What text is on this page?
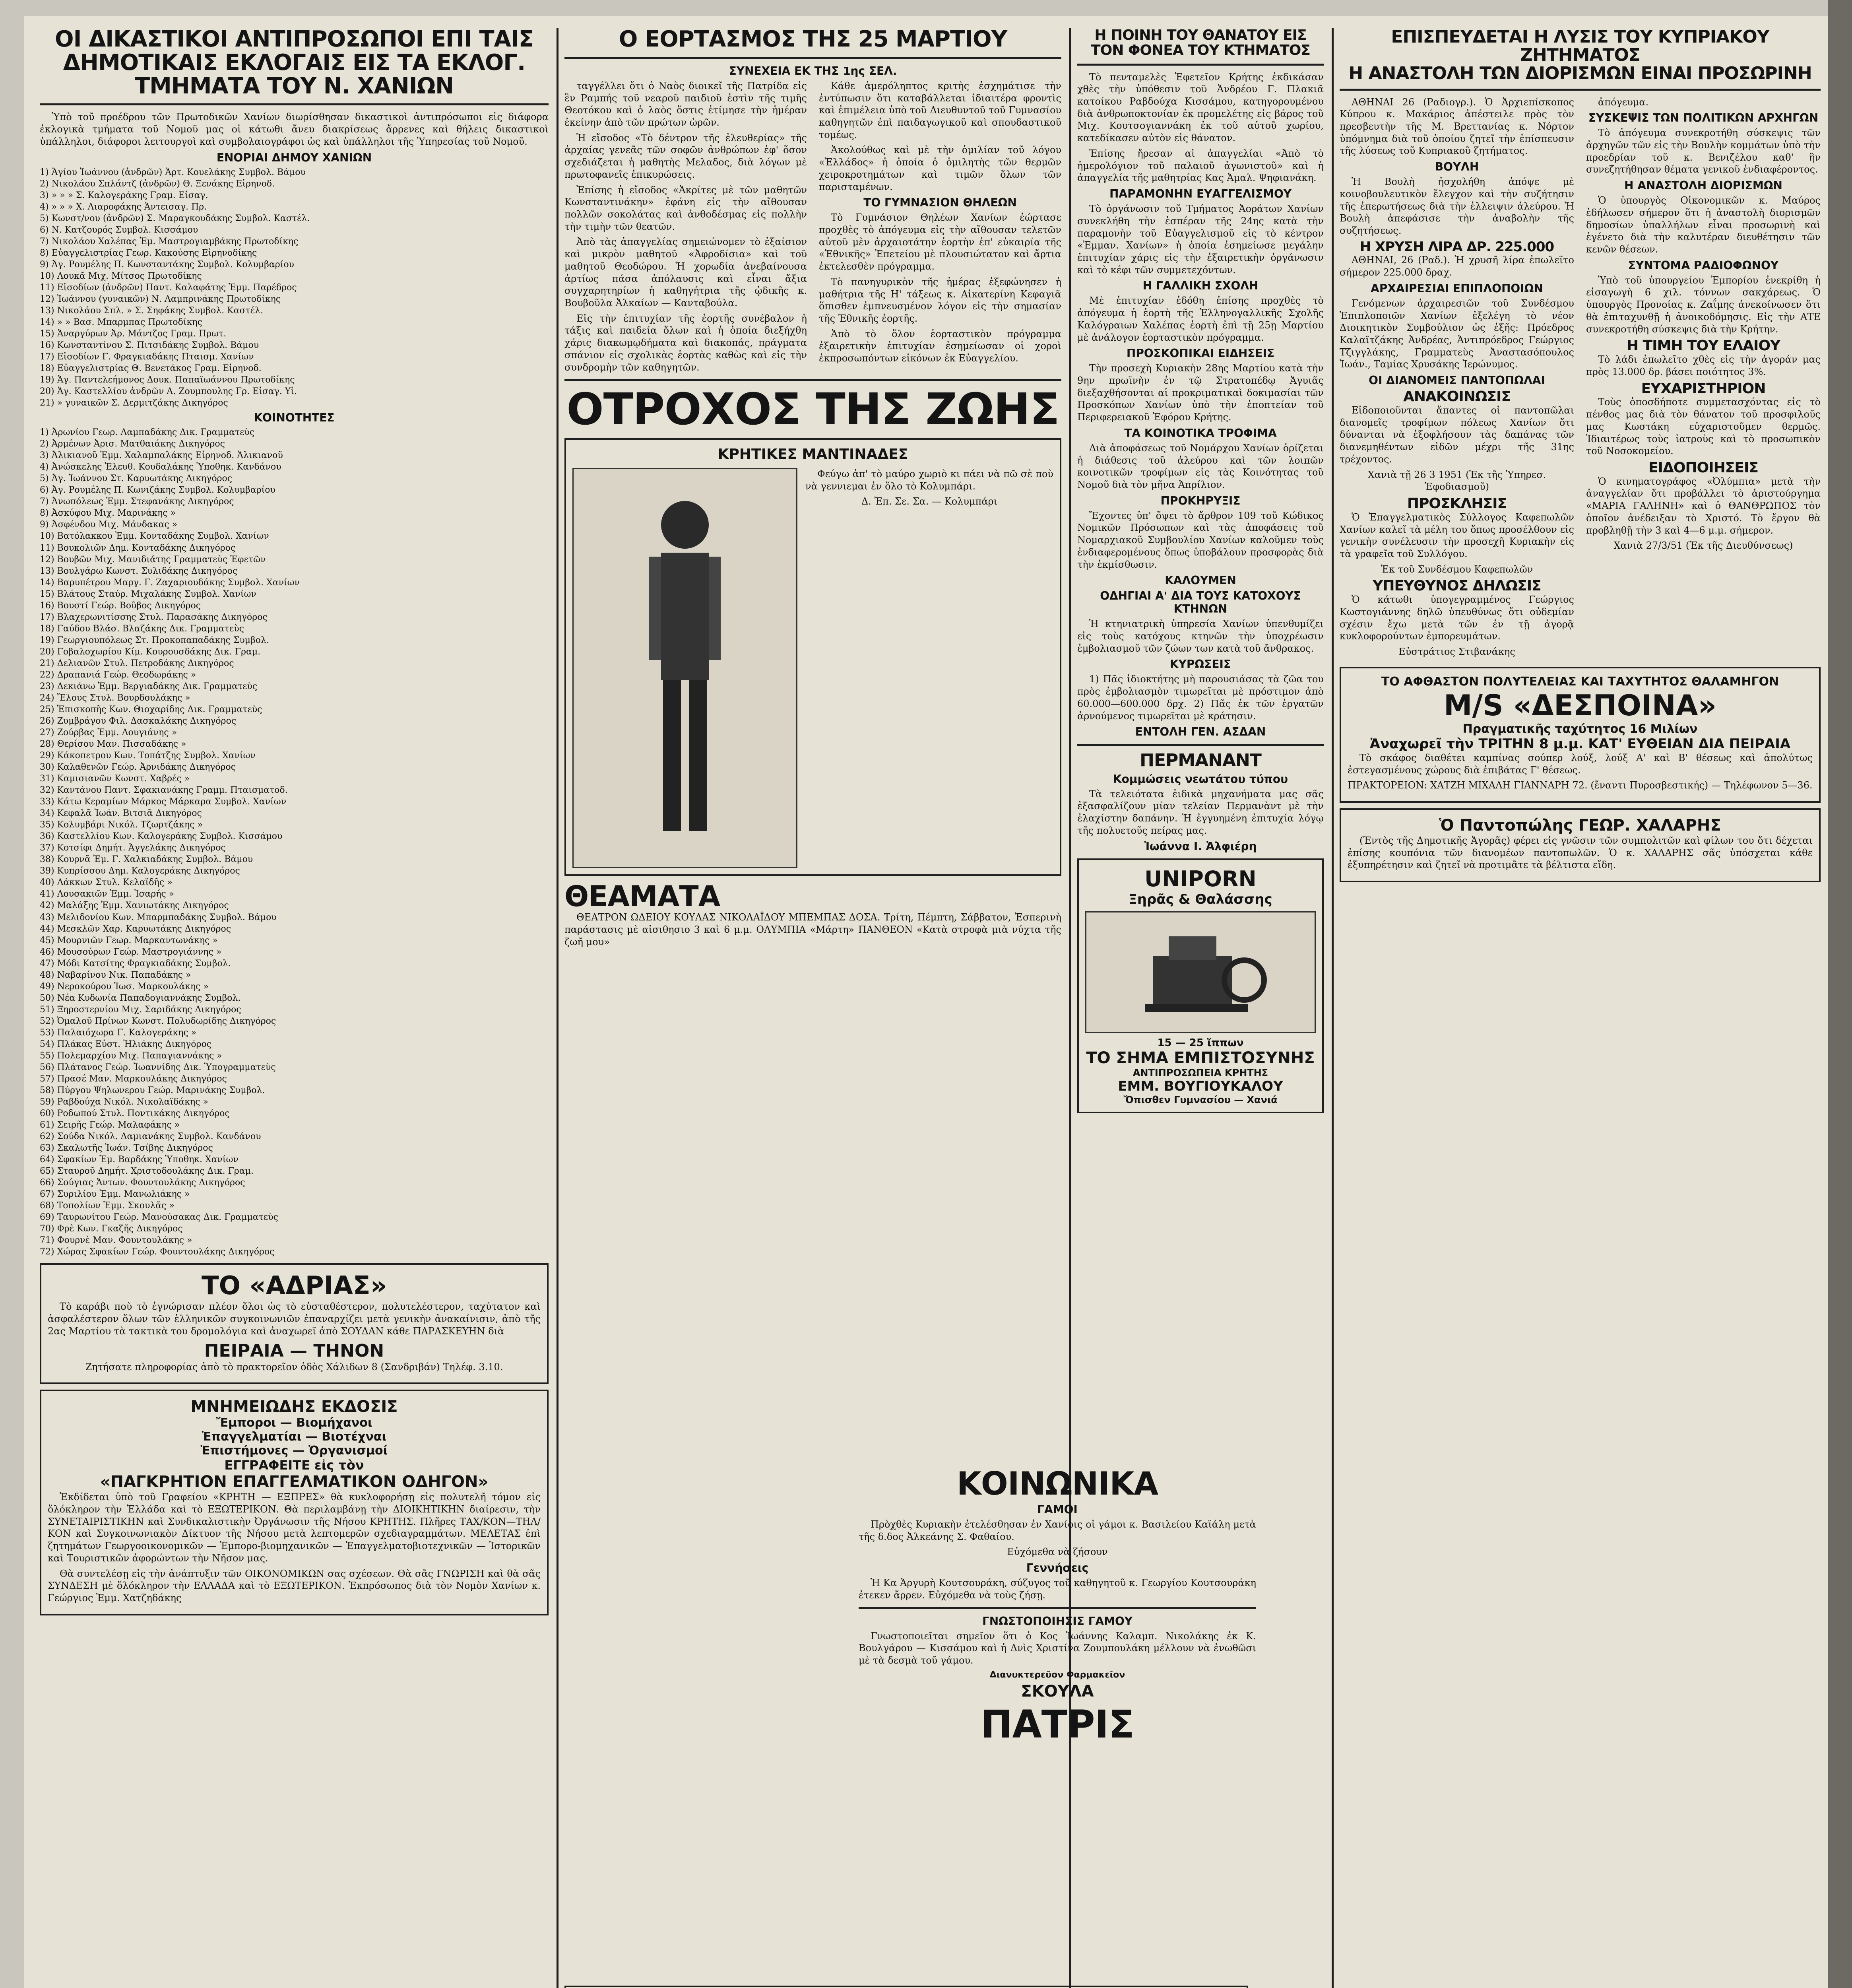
ΟΙ ΔΙΚΑΣΤΙΚΟΙ ΑΝΤΙΠΡΟΣΩΠΟΙ ΕΠΙ ΤΑΙΣ ΔΗΜΟΤΙΚΑΙΣ ΕΚΛΟΓΑΙΣ ΕΙΣ ΤΑ ΕΚΛΟΓ. ΤΜΗΜΑΤΑ ΤΟΥ Ν. ΧΑΝΙΩΝ

Ὑπὸ τοῦ προέδρου τῶν Πρωτοδικῶν Χανίων διωρίσθησαν δικαστικοὶ ἀντιπρόσωποι εἰς διάφορα ἐκλογικὰ τμήματα τοῦ Νομοῦ μας οἱ κάτωθι ἄνευ διακρίσεως ἄρρενες καὶ θήλεις δικαστικοὶ ὑπάλληλοι, διάφοροι λειτουργοὶ καὶ συμβολαιογράφοι ὡς καὶ ὑπάλληλοι τῆς Ὑπηρεσίας τοῦ Νομοῦ.

ΕΝΟΡΙΑΙ ΔΗΜΟΥ ΧΑΝΙΩΝ
1) Ἁγίου Ἰωάννου (ἀνδρῶν) Ἀρτ. Κουελάκης Συμβολ. Βάμου
2) Νικολάου Σπλάντζ (ἀνδρῶν) Θ. Ξενάκης Εἰρηνοδ.
3) » » » Σ. Καλογεράκης Γραμ. Εἰσαγ.
4) » » » Χ. Λιαροφάκης Ἀντεισαγ. Πρ.
5) Κωνστ/νου (ἀνδρῶν) Σ. Μαραγκουδάκης Συμβολ. Καστέλ.
6) Ν. Κατζουρός Συμβολ. Κισσάμου
7) Νικολάου Χαλέπας Ἐμ. Μαστρογιαμβάκης Πρωτοδίκης
8) Εὐαγγελιστρίας Γεωρ. Κακούσης Εἰρηνοδίκης
9) Ἀγ. Ρουμέλης Π. Κωνσταντάκης Συμβολ. Κολυμβαρίου
10) Λουκᾶ Μιχ. Μίτσος Πρωτοδίκης
11) Εἰσοδίων (ἀνδρῶν) Παντ. Καλαφάτης Ἐμμ. Παρέδρος
12) Ἰωάννου (γυναικῶν) Ν. Λαμπρινάκης Πρωτοδίκης
13) Νικολάου Σπλ. » Σ. Σηφάκης Συμβολ. Καστέλ.
14) » » Βασ. Μπαρμπας Πρωτοδίκης
15) Ἀναργύρων Ἀρ. Μάντζος Γραμ. Πρωτ.
16) Κωνσταντίνου Σ. Πιτσιδάκης Συμβολ. Βάμου
17) Εἰσοδίων Γ. Φραγκιαδάκης Πταισμ. Χανίων
18) Εὐαγγελιστρίας Θ. Βενετάκος Γραμ. Εἰρηνοδ.
19) Ἀγ. Παντελεήμονος Δουκ. Παπαϊωάννου Πρωτοδίκης
20) Ἀγ. Καστελλίου ἀνδρῶν Α. Ζουμπουλης Γρ. Εἰσαγ. Υἱ.
21) » γυναικῶν Σ. Δερμιτζάκης Δικηγόρος
ΚΟΙΝΟΤΗΤΕΣ
1) Ἀρωνίου Γεωρ. Λαμπαδάκης Δικ. Γραμματεὺς
2) Ἀρμένων Ἀρισ. Ματθαιάκης Δικηγόρος
3) Ἀλικιανοῦ Ἐμμ. Χαλαμπαλάκης Εἰρηνοδ. Ἀλικιανοῦ
4) Ἀνώσκελης Ἐλευθ. Κουδαλάκης Ὑποθηκ. Κανδάνου
5) Ἀγ. Ἰωάννου Στ. Καρυωτάκης Δικηγόρος
6) Ἀγ. Ρουμέλης Π. Κωνιζάκης Συμβολ. Κολυμβαρίου
7) Ἀνωπόλεως Ἐμμ. Στεφανάκης Δικηγόρος
8) Ἀσκύφου Μιχ. Μαρινάκης »
9) Ἀσφένδου Μιχ. Μάνδακας »
10) Βατόλακκου Ἐμμ. Κονταδάκης Συμβολ. Χανίων
11) Βουκολιῶν Δημ. Κονταδάκης Δικηγόρος
12) Βουβῶν Μιχ. Μανιδιάτης Γραμματεὺς Ἐφετῶν
13) Βουλγάρω Κωνστ. Συλιδάκης Δικηγόρος
14) Βαρυπέτρου Μαργ. Γ. Ζαχαριουδάκης Συμβολ. Χανίων
15) Βλάτους Σταύρ. Μιχαλάκης Συμβολ. Χανίων
16) Βουστί Γεώρ. Βοῦβος Δικηγόρος
17) Βλαχερωνιτίσσης Στυλ. Παρασάκης Δικηγόρος
18) Γαύδου Βλάσ. Βλαζάκης Δικ. Γραμματεὺς
19) Γεωργιουπόλεως Στ. Προκοπαπαδάκης Συμβολ.
20) Γοβαλοχωρίου Κίμ. Κουρουσδάκης Δικ. Γραμ.
21) Δελιανῶν Στυλ. Πετροδάκης Δικηγόρος
22) Δραπανιά Γεώρ. Θεοδωράκης »
23) Δεκιάνω Ἐμμ. Βεργιαδάκης Δικ. Γραμματεὺς
24) Ἔλους Στυλ. Βουρδουλάκης »
25) Ἐπισκοπῆς Κων. Θιοχαρίδης Δικ. Γραμματεὺς
26) Ζυμβράγου Φιλ. Δασκαλάκης Δικηγόρος
27) Ζούρβας Ἐμμ. Λουγιάνης »
28) Θερίσου Μαν. Πισσαδάκης »
29) Κάκοπετρου Κων. Τοπάτζης Συμβολ. Χανίων
30) Καλαθενῶν Γεώρ. Ἀρνιδάκης Δικηγόρος
31) Καμισιανῶν Κωνστ. Χαβρές »
32) Καντάνου Παντ. Σφακιανάκης Γραμμ. Πταισματοδ.
33) Κάτω Κεραμίων Μάρκος Μάρκαρα Συμβολ. Χανίων
34) Κεφαλᾶ Ἰωάν. Βιτσιᾶ Δικηγόρος
35) Κολυμβάρι Νικόλ. Τζωρτζάκης »
36) Καστελλίου Κων. Καλογεράκης Συμβολ. Κισσάμου
37) Κοτσίφι Δημήτ. Ἀγγελάκης Δικηγόρος
38) Κουρνᾶ Ἐμ. Γ. Χαλκιαδάκης Συμβολ. Βάμου
39) Κυπρίσσου Δημ. Καλογεράκης Δικηγόρος
40) Λάκκων Στυλ. Κελαϊδῆς »
41) Λουσακιῶν Ἐμμ. Ἰσαρής »
42) Μαλάξης Ἐμμ. Χανιωτάκης Δικηγόρος
43) Μελιδονίου Κων. Μπαρμπαδάκης Συμβολ. Βάμου
44) Μεσκλῶν Χαρ. Καρυωτάκης Δικηγόρος
45) Μουρνιῶν Γεωρ. Μαρκαντωνάκης »
46) Μουσούρων Γεώρ. Μαστρογιάννης »
47) Μόδι Κατσίτης Φραγκιαδάκης Συμβολ.
48) Ναβαρίνου Νικ. Παπαδάκης »
49) Νεροκούρου Ἰωσ. Μαρκουλάκης »
50) Νέα Κυδωνία Παπαδογιαννάκης Συμβολ.
51) Ξηροστερνίου Μιχ. Σαριδάκης Δικηγόρος
52) Ὀμαλοῦ Πρίνων Κωνστ. Πολυδωρίδης Δικηγόρος
53) Παλαιόχωρα Γ. Καλογεράκης »
54) Πλάκας Εὐστ. Ἠλιάκης Δικηγόρος
55) Πολεμαρχίου Μιχ. Παπαγιαννάκης »
56) Πλάτανος Γεώρ. Ἰωαννίδης Δικ. Ὑπογραμματεὺς
57) Πρασέ Μαν. Μαρκουλάκης Δικηγόρος
58) Πύργου Ψηλωνερου Γεώρ. Μαρινάκης Συμβολ.
59) Ραβδούχα Νικόλ. Νικολαϊδάκης »
60) Ροδωπού Στυλ. Ποντικάκης Δικηγόρος
61) Σειρῆς Γεώρ. Μαλαφάκης »
62) Σούδα Νικόλ. Δαμιανάκης Συμβολ. Κανδάνου
63) Σκαλωτῆς Ἰωάν. Τσίβης Δικηγόρος
64) Σφακίων Ἐμ. Βαρδάκης Ὑποθηκ. Χανίων
65) Σταυροῦ Δημήτ. Χριστοδουλάκης Δικ. Γραμ.
66) Σούγιας Ἀντων. Φουντουλάκης Δικηγόρος
67) Συριλίου Ἐμμ. Μανωλιάκης »
68) Τοπολίων Ἐμμ. Σκουλᾶς »
69) Ταυρωνίτου Γεώρ. Μανούσακας Δικ. Γραμματεὺς
70) Φρὲ Κων. Γκαζῆς Δικηγόρος
71) Φουρνὲ Μαν. Φουντουλάκης »
72) Χώρας Σφακίων Γεώρ. Φουντουλάκης Δικηγόρος
ΤΟ «ΑΔΡΙΑΣ»

Τὸ καράβι ποὺ τὸ ἐγνώρισαν πλέον ὅλοι ὡς τὸ εὐσταθέστερον, πολυτελέστερον, ταχύτατον καὶ ἀσφαλέστερον ὅλων τῶν ἑλληνικῶν συγκοινωνιῶν ἐπαναρχίζει μετὰ γενικὴν ἀνακαίνισιν, ἀπὸ τῆς 2ας Μαρτίου τὰ τακτικὰ του δρομολόγια καὶ ἀναχωρεῖ ἀπὸ ΣΟΥΔΑΝ κάθε ΠΑΡΑΣΚΕΥΗΝ διὰ

ΠΕΙΡΑΙΑ — ΤΗΝΟΝ

Ζητήσατε πληροφορίας ἀπὸ τὸ πρακτορεῖον ὁδὸς Χάλιδων 8 (Σανδριβάν) Τηλέφ. 3.10.

ΜΝΗΜΕΙΩΔΗΣ ΕΚΔΟΣΙΣ
Ἔμποροι — Βιομήχανοι
Ἐπαγγελματίαι — Βιοτέχναι
Ἐπιστήμονες — Ὀργανισμοί
ΕΓΓΡΑΦΕΙΤΕ εἰς τὸν
«ΠΑΓΚΡΗΤΙΟΝ ΕΠΑΓΓΕΛΜΑΤΙΚΟΝ ΟΔΗΓΟΝ»

Ἐκδίδεται ὑπὸ τοῦ Γραφείου «ΚΡΗΤΗ — ΕΞΠΡΕΣ» θὰ κυκλοφορήσῃ εἰς πολυτελῆ τόμον εἰς ὅλόκληρον τὴν Ἑλλάδα καὶ τὸ ΕΞΩΤΕΡΙΚΟΝ. Θὰ περιλαμβάνῃ τὴν ΔΙΟΙΚΗΤΙΚΗΝ διαίρεσιν, τὴν ΣΥΝΕΤΑΙΡΙΣΤΙΚΗΝ καὶ Συνδικαλιστικὴν Ὀργάνωσιν τῆς Νήσου ΚΡΗΤΗΣ. Πλῆρες ΤΑΧ/ΚΟΝ—ΤΗΛ/ΚΟΝ καὶ Συγκοινωνιακὸν Δίκτυον τῆς Νήσου μετὰ λεπτομερῶν σχεδιαγραμμάτων. ΜΕΛΕΤΑΣ ἐπὶ ζητημάτων Γεωργοοικονομικῶν — Ἐμπορο-βιομηχανικῶν — Ἐπαγγελματοβιοτεχνικῶν — Ἱστορικῶν καὶ Τουριστικῶν ἀφορώντων τὴν Νῆσον μας.

Θὰ συντελέσῃ εἰς τὴν ἀνάπτυξιν τῶν ΟΙΚΟΝΟΜΙΚΩΝ σας σχέσεων. Θὰ σᾶς ΓΝΩΡΙΣΗ καὶ θὰ σᾶς ΣΥΝΔΕΣΗ μὲ ὅλόκληρον τὴν ΕΛΛΑΔΑ καὶ τὸ ΕΞΩΤΕΡΙΚΟΝ. Ἐκπρόσωπος διὰ τὸν Νομὸν Χανίων κ. Γεώργιος Ἐμμ. Χατζηδάκης

Ο ΕΟΡΤΑΣΜΟΣ ΤΗΣ 25 ΜΑΡΤΙΟΥ
ΣΥΝΕΧΕΙΑ ΕΚ ΤΗΣ 1ης ΣΕΛ.

ταγγέλλει ὅτι ὁ Ναὸς διοικεῖ τῆς Πατρίδα εἰς ἓν Ραμπής τοῦ νεαροῦ παιδιοῦ ἐστὶν τῆς τιμῆς Θεοτόκου καὶ ὁ λαὸς ὅστις ἐτίμησε τὴν ἡμέραν ἐκείνην ἀπὸ τῶν πρώτων ὡρῶν.

Ἡ εἴσοδος «Τὸ δέντρον τῆς ἐλευθερίας» τῆς ἀρχαίας γενεᾶς τῶν σοφῶν ἀνθρώπων ἐφ' ὅσον σχεδιάζεται ἡ μαθητὴς Μελαδος, διὰ λόγων μὲ πρωτοφανεῖς ἐπικυρώσεις.

Ἐπίσης ἡ εἴσοδος «Ἀκρίτες μὲ τῶν μαθητῶν Κωνσταντινάκην» ἐφάνη εἰς τὴν αἴθουσαν πολλῶν σοκολάτας καὶ ἀνθοδέσμας εἰς πολλὴν τὴν τιμὴν τῶν θεατῶν.

Ἀπὸ τὰς ἀπαγγελίας σημειώνομεν τὸ ἐξαίσιον καὶ μικρὸν μαθητοῦ «Ἀφροδίσια» καὶ τοῦ μαθητοῦ Θεοδώρου. Ἡ χορωδία ἀνεβαίνουσα ἀρτίως πάσα ἀπόλαυσις καὶ εἶναι ἄξια συγχαρητηρίων ἡ καθηγήτρια τῆς ᾠδικῆς κ. Βουβοῦλα Ἀλκαίων — Κανταβούλα.

Εἰς τὴν ἐπιτυχίαν τῆς ἑορτῆς συνέβαλον ἡ τάξις καὶ παιδεία ὅλων καὶ ἡ ὁποία διεξήχθη χάρις διακωμῳδήματα καὶ διακοπάς, πράγματα σπάνιον εἰς σχολικὰς ἑορτὰς καθὼς καὶ εἰς τὴν συνδρομὴν τῶν καθηγητῶν.

Κάθε ἀμερόληπτος κριτὴς ἐσχημάτισε τὴν ἐντύπωσιν ὅτι καταβάλλεται ἰδιαιτέρα φροντὶς καὶ ἐπιμέλεια ὑπὸ τοῦ Διευθυντοῦ τοῦ Γυμνασίου καθηγητῶν ἐπὶ παιδαγωγικοῦ καὶ σπουδαστικοῦ τομέως.

Ἀκολούθως καὶ μὲ τὴν ὁμιλίαν τοῦ λόγου «Ἑλλάδος» ἡ ὁποία ὁ ὁμιλητὴς τῶν θερμῶν χειροκροτημάτων καὶ τιμῶν ὅλων τῶν παρισταμένων.

ΤΟ ΓΥΜΝΑΣΙΟΝ ΘΗΛΕΩΝ

Τὸ Γυμνάσιον Θηλέων Χανίων ἐώρτασε προχθὲς τὸ ἀπόγευμα εἰς τὴν αἴθουσαν τελετῶν αὐτοῦ μὲν ἀρχαιοτάτην ἑορτὴν ἐπ' εὐκαιρία τῆς «Ἐθνικῆς» Ἐπετείου μὲ πλουσιώτατον καὶ ἄρτια ἐκτελεσθὲν πρόγραμμα.

Τὸ πανηγυρικὸν τῆς ἡμέρας ἐξεφώνησεν ἡ μαθήτρια τῆς Η' τάξεως κ. Αἰκατερίνη Κεφαγιᾶ ὅπισθεν ἐμπνευσμένον λόγον εἰς τὴν σημασίαν τῆς Ἐθνικῆς ἑορτῆς.

Ἀπὸ τὸ ὅλον ἑορταστικὸν πρόγραμμα ἐξαιρετικὴν ἐπιτυχίαν ἐσημείωσαν οἱ χοροὶ ἐκπροσωπόντων εἰκόνων ἐκ Εὐαγγελίου.

ΟΤΡΟΧΟΣ ΤΗΣ ΖΩΗΣ
ΚΡΗΤΙΚΕΣ ΜΑΝΤΙΝΑΔΕΣ

Φεύγω ἀπ' τὸ μαύρο χωριὸ κι πάει νὰ πῶ σὲ ποὺ νὰ γεννιεμαι ἐν ὅλο τὸ Κολυμπάρι.

Δ. Ἐπ. Σε. Σα. — Κολυμπάρι

ΘΕΑΜΑΤΑ

ΘΕΑΤΡΟΝ ΩΔΕΙΟΥ ΚΟΥΛΑΣ ΝΙΚΟΛΑΪΔΟΥ ΜΠΕΜΠΑΣ ΔΟΣΑ. Τρίτη, Πέμπτη, Σάββατον, Ἑσπερινὴ παράστασις μὲ αἰσιθησιο 3 καὶ 6 μ.μ. ΟΛΥΜΠΙΑ «Μάρτη» ΠΑΝΘΕΟΝ «Κατὰ στροφὰ μιὰ νύχτα τῆς ζωῆ μου»

ΚΟΙΝΩΝΙΚΑ
ΓΑΜΟΙ

Πρὸχθὲς Κυριακὴν ἐτελέσθησαν ἐν Χανίοις οἱ γάμοι κ. Βασιλείου Καϊάλη μετὰ τῆς δ.δος Ἀλκεάνης Σ. Φαθαίου.

Εὐχόμεθα νὰ ζήσουν

Γεννήσεις

Ἡ Κα Ἀργυρὴ Κουτσουράκη, σύζυγος τοῦ καθηγητοῦ κ. Γεωργίου Κουτσουράκη ἐτεκεν ἄρρεν. Εὐχόμεθα νὰ τοὺς ζήσῃ.

ΓΝΩΣΤΟΠΟΙΗΣΙΣ ΓΑΜΟΥ

Γνωστοποιεῖται σημεῖον ὅτι ὁ Κος Ἰωάννης Καλαμπ. Νικολάκης ἐκ Κ. Βουλγάρου — Κισσάμου καὶ ἡ Δνὶς Χριστίνα Ζουμπουλάκη μέλλουν νὰ ἐνωθῶσι μὲ τὰ δεσμὰ τοῦ γάμου.

Διανυκτερεῦον Φαρμακεῖον
ΣΚΟΥΛΑ
ΠΑΤΡΙΣ

Η ΠΟΙΝΗ ΤΟΥ ΘΑΝΑΤΟΥ ΕΙΣ ΤΟΝ ΦΟΝΕΑ ΤΟΥ ΚΤΗΜΑΤΟΣ

Τὸ πενταμελὲς Ἐφετεῖον Κρήτης ἐκδικάσαν χθὲς τὴν ὑπόθεσιν τοῦ Ἀνδρέου Γ. Πλακιᾶ κατοίκου Ραβδούχα Κισσάμου, κατηγορουμένου διὰ ἀνθρωποκτονίαν ἐκ προμελέτης εἰς βάρος τοῦ Μιχ. Κουτσογιαννάκη ἐκ τοῦ αὐτοῦ χωρίου, κατεδίκασεν αὐτὸν εἰς θάνατον.

Ἐπίσης ἤρεσαν αἱ ἀπαγγελίαι «Ἀπὸ τὸ ἡμερολόγιον τοῦ παλαιοῦ ἀγωνιστοῦ» καὶ ἡ ἀπαγγελία τῆς μαθητρίας Κας Ἀμαλ. Ψηφιανάκη.

ΠΑΡΑΜΟΝΗΝ ΕΥΑΓΓΕΛΙΣΜΟΥ

Τὸ ὀργάνωσιν τοῦ Τμήματος Ἀοράτων Χανίων συνεκλήθη τὴν ἑσπέραν τῆς 24ης κατὰ τὴν παραμονὴν τοῦ Εὐαγγελισμοῦ εἰς τὸ κέντρον «Ἐμμαν. Χανίων» ἡ ὁποία ἐσημείωσε μεγάλην ἐπιτυχίαν χάρις εἰς τὴν ἐξαιρετικὴν ὀργάνωσιν καὶ τὸ κέφι τῶν συμμετεχόντων.

Η ΓΑΛΛΙΚΗ ΣΧΟΛΗ

Μὲ ἐπιτυχίαν ἐδόθη ἐπίσης προχθὲς τὸ ἀπόγευμα ἡ ἑορτὴ τῆς Ἑλληνογαλλικῆς Σχολῆς Καλόγραιων Χαλέπας ἑορτὴ ἐπὶ τῇ 25ῃ Μαρτίου μὲ ἀνάλογον ἑορταστικὸν πρόγραμμα.

ΠΡΟΣΚΟΠΙΚΑΙ ΕΙΔΗΣΕΙΣ

Τὴν προσεχὴ Κυριακὴν 28ης Μαρτίου κατὰ τὴν 9ην πρωϊνὴν ἐν τῷ Στρατοπέδῳ Ἀγυιᾶς διεξαχθήσονται αἱ προκριματικαὶ δοκιμασίαι τῶν Προσκόπων Χανίων ὑπὸ τὴν ἐποπτείαν τοῦ Περιφερειακοῦ Ἐφόρου Κρήτης.

ΤΑ ΚΟΙΝΟΤΙΚΑ ΤΡΟΦΙΜΑ

Διὰ ἀποφάσεως τοῦ Νομάρχου Χανίων ὁρίζεται ἡ διάθεσις τοῦ ἀλεύρου καὶ τῶν λοιπῶν κοινοτικῶν τροφίμων εἰς τὰς Κοινότητας τοῦ Νομοῦ διὰ τὸν μῆνα Ἀπρίλιον.

ΠΡΟΚΗΡΥΞΙΣ

Ἔχοντες ὑπ' ὄψει τὸ ἄρθρον 109 τοῦ Κώδικος Νομικῶν Πρόσωπων καὶ τὰς ἀποφάσεις τοῦ Νομαρχιακοῦ Συμβουλίου Χανίων καλοῦμεν τοὺς ἐνδιαφερομένους ὅπως ὑποβάλουν προσφορὰς διὰ τὴν ἐκμίσθωσιν.

ΚΑΛΟΥΜΕΝ
ΟΔΗΓΙΑΙ Α' ΔΙΑ ΤΟΥΣ ΚΑΤΟΧΟΥΣ ΚΤΗΝΩΝ

Ἡ κτηνιατρικὴ ὑπηρεσία Χανίων ὑπενθυμίζει εἰς τοὺς κατόχους κτηνῶν τὴν ὑποχρέωσιν ἐμβολιασμοῦ τῶν ζώων των κατὰ τοῦ ἄνθρακος.

ΚΥΡΩΣΕΙΣ

1) Πᾶς ἰδιοκτήτης μὴ παρουσιάσας τὰ ζῶα του πρὸς ἐμβολιασμὸν τιμωρεῖται μὲ πρόστιμον ἀπὸ 60.000—600.000 δρχ. 2) Πᾶς ἐκ τῶν ἐργατῶν ἀρνούμενος τιμωρεῖται μὲ κράτησιν.

ΕΝΤΟΛΗ ΓΕΝ. ΑΣΔΑΝ
ΠΕΡΜΑΝΑΝΤ
Κομμώσεις νεωτάτου τύπου

Τὰ τελειότατα ἐιδικὰ μηχανήματα μας σᾶς ἐξασφαλίζουν μίαν τελείαν Περμανὰντ μὲ τὴν ἐλαχίστην δαπάνην. Ἡ ἐγγυημένη ἐπιτυχία λόγῳ τῆς πολυετοῦς πείρας μας.

Ἰωάννα Ι. Ἀλφιέρη
UNIPORN
Ξηρᾶς & Θαλάσσης
15 — 25 ἵππων
ΤΟ ΣΗΜΑ ΕΜΠΙΣΤΟΣΥΝΗΣ
ΑΝΤΙΠΡΟΣΩΠΕΙΑ ΚΡΗΤΗΣ
ΕΜΜ. ΒΟΥΓΙΟΥΚΑΛΟΥ
Ὄπισθεν Γυμνασίου — Χανιά
ΕΠΙΣΠΕΥΔΕΤΑΙ Η ΛΥΣΙΣ ΤΟΥ ΚΥΠΡΙΑΚΟΥ ΖΗΤΗΜΑΤΟΣ
Η ΑΝΑΣΤΟΛΗ ΤΩΝ ΔΙΟΡΙΣΜΩΝ ΕΙΝΑΙ ΠΡΟΣΩΡΙΝΗ

ΑΘΗΝΑΙ 26 (Ραδιογρ.). Ὁ Ἀρχιεπίσκοπος Κύπρου κ. Μακάριος ἀπέστειλε πρὸς τὸν πρεσβευτὴν τῆς Μ. Βρεττανίας κ. Νόρτον ὑπόμνημα διὰ τοῦ ὁποίου ζητεῖ τὴν ἐπίσπευσιν τῆς λύσεως τοῦ Κυπριακοῦ ζητήματος.

ΒΟΥΛΗ

Ἡ Βουλὴ ἠσχολήθη ἀπόψε μὲ κοινοβουλευτικὸν ἔλεγχον καὶ τὴν συζήτησιν τῆς ἐπερωτήσεως διὰ τὴν ἑλλειψιν ἀλεύρου. Ἡ Βουλὴ ἀπεφάσισε τὴν ἀναβολὴν τῆς συζητήσεως.

Η ΧΡΥΣΗ ΛΙΡΑ ΔΡ. 225.000

ΑΘΗΝΑΙ, 26 (Ραδ.). Ἡ χρυσῆ λίρα ἐπωλεῖτο σήμερον 225.000 δραχ.

ΑΡΧΑΙΡΕΣΙΑΙ ΕΠΙΠΛΟΠΟΙΩΝ

Γενόμενων ἀρχαιρεσιῶν τοῦ Συνδέσμου Ἐπιπλοποιῶν Χανίων ἐξελέγη τὸ νέον Διοικητικὸν Συμβούλιον ὡς ἑξῆς: Πρόεδρος Καλαϊτζάκης Ἀνδρέας, Ἀντιπρόεδρος Γεώργιος Τζιγγλάκης, Γραμματεὺς Ἀναστασόπουλος Ἰωάν., Ταμίας Χρυσάκης Ἰερώνυμος.

ΟΙ ΔΙΑΝΟΜΕΙΣ ΠΑΝΤΟΠΩΛΑΙ
ΑΝΑΚΟΙΝΩΣΙΣ

Εἰδοποιοῦνται ἅπαντες οἱ παντοπῶλαι διανομεῖς τροφίμων πόλεως Χανίων ὅτι δύνανται νὰ ἐξοφλήσουν τὰς δαπάνας τῶν διανεμηθέντων εἰδῶν μέχρι τῆς 31ης τρέχοντος.

Χανιὰ τῇ 26 3 1951 (Ἐκ τῆς Ὑπηρεσ. Ἐφοδιασμοῦ)

ΠΡΟΣΚΛΗΣΙΣ

Ὁ Ἐπαγγελματικὸς Σύλλογος Καφεπωλῶν Χανίων καλεῖ τὰ μέλη του ὅπως προσέλθουν εἰς γενικὴν συνέλευσιν τὴν προσεχῆ Κυριακὴν εἰς τὰ γραφεῖα τοῦ Συλλόγου.

Ἐκ τοῦ Συνδέσμου Καφεπωλῶν

ΥΠΕΥΘΥΝΟΣ ΔΗΛΩΣΙΣ

Ὁ κάτωθι ὑπογεγραμμένος Γεώργιος Κωστογιάννης δηλῶ ὑπευθύνως ὅτι οὐδεμίαν σχέσιν ἔχω μετὰ τῶν ἐν τῇ ἀγορᾷ κυκλοφορούντων ἐμπορευμάτων.

Εὐστράτιος Στιβανάκης

ἀπόγευμα.

ΣΥΣΚΕΨΙΣ ΤΩΝ ΠΟΛΙΤΙΚΩΝ ΑΡΧΗΓΩΝ

Τὸ ἀπόγευμα συνεκροτήθη σύσκεψις τῶν ἀρχηγῶν τῶν εἰς τὴν Βουλὴν κομμάτων ὑπὸ τὴν προεδρίαν τοῦ κ. Βενιζέλου καθ' ἣν συνεζητήθησαν θέματα γενικοῦ ἐνδιαφέροντος.

Η ΑΝΑΣΤΟΛΗ ΔΙΟΡΙΣΜΩΝ

Ὁ ὑπουργὸς Οἰκονομικῶν κ. Μαύρος ἐδήλωσεν σήμερον ὅτι ἡ ἀναστολὴ διορισμῶν δημοσίων ὑπαλλήλων εἶναι προσωρινὴ καὶ ἐγένετο διὰ τὴν καλυτέραν διευθέτησιν τῶν κενῶν θέσεων.

ΣΥΝΤΟΜΑ ΡΑΔΙΟΦΩΝΟΥ

Ὑπὸ τοῦ ὑπουργείου Ἐμπορίου ἐνεκρίθη ἡ εἰσαγωγὴ 6 χιλ. τόννων σακχάρεως. Ὁ ὑπουργὸς Προνοίας κ. Ζαΐμης ἀνεκοίνωσεν ὅτι θὰ ἐπιταχυνθῇ ἡ ἀνοικοδόμησις. Εἰς τὴν ΑΤΕ συνεκροτήθη σύσκεψις διὰ τὴν Κρήτην.

Η ΤΙΜΗ ΤΟΥ ΕΛΑΙΟΥ

Τὸ λάδι ἐπωλεῖτο χθὲς εἰς τὴν ἀγοράν μας πρὸς 13.000 δρ. βάσει ποιότητος 3%.

ΕΥΧΑΡΙΣΤΗΡΙΟΝ

Τοὺς ὁποσδήποτε συμμετασχόντας εἰς τὸ πένθος μας διὰ τὸν θάνατον τοῦ προσφιλοῦς μας Κωστάκη εὐχαριστοῦμεν θερμῶς. Ἰδιαιτέρως τοὺς ἰατροὺς καὶ τὸ προσωπικὸν τοῦ Νοσοκομείου.

ΕΙΔΟΠΟΙΗΣΕΙΣ

Ὁ κινηματογράφος «Ὀλύμπια» μετὰ τὴν ἀναγγελίαν ὅτι προβάλλει τὸ ἀριστούργημα «ΜΑΡΙΑ ΓΑΛΗΝΗ» καὶ ὁ ΘΑΝΘΡΩΠΟΣ τὸν ὁποῖον ἀνέδειξαν τὸ Χριστό. Τὸ ἔργον θὰ προβληθῇ τὴν 3 καὶ 4—6 μ.μ. σήμερον.

Χανιὰ 27/3/51 (Ἐκ τῆς Διευθύνσεως)

ΤΟ ΑΦΘΑΣΤΟΝ ΠΟΛΥΤΕΛΕΙΑΣ ΚΑΙ ΤΑΧΥΤΗΤΟΣ ΘΑΛΑΜΗΓΟΝ
Μ/S «ΔΕΣΠΟΙΝΑ»
Πραγματικῆς ταχύτητος 16 Μιλίων
Ἀναχωρεῖ τὴν ΤΡΙΤΗΝ 8 μ.μ. ΚΑΤ' ΕΥΘΕΙΑΝ ΔΙΑ ΠΕΙΡΑΙΑ

Τὸ σκάφος διαθέτει καμπίνας σούπερ λούξ, λούξ Α' καὶ Β' θέσεως καὶ ἀπολύτως ἐστεγασμένους χώρους διὰ ἐπιβάτας Γ' θέσεως.

ΠΡΑΚΤΟΡΕΙΟΝ: ΧΑΤΖΗ ΜΙΧΑΛΗ ΓΙΑΝΝΑΡΗ 72. (ἔναντι Πυροσβεστικής) — Τηλέφωνον 5—36.

Ὁ Παντοπώλης ΓΕΩΡ. ΧΑΛΑΡΗΣ

(Ἐντὸς τῆς Δημοτικῆς Ἀγορᾶς) φέρει εἰς γνῶσιν τῶν συμπολιτῶν καὶ φίλων του ὅτι δέχεται ἐπίσης κουπόνια τῶν διανομέων παντοπωλῶν. Ὁ κ. ΧΑΛΑΡΗΣ σᾶς ὑπόσχεται κάθε ἐξυπηρέτησιν καὶ ζητεῖ νὰ προτιμᾶτε τὰ βέλτιστα εἴδη.
